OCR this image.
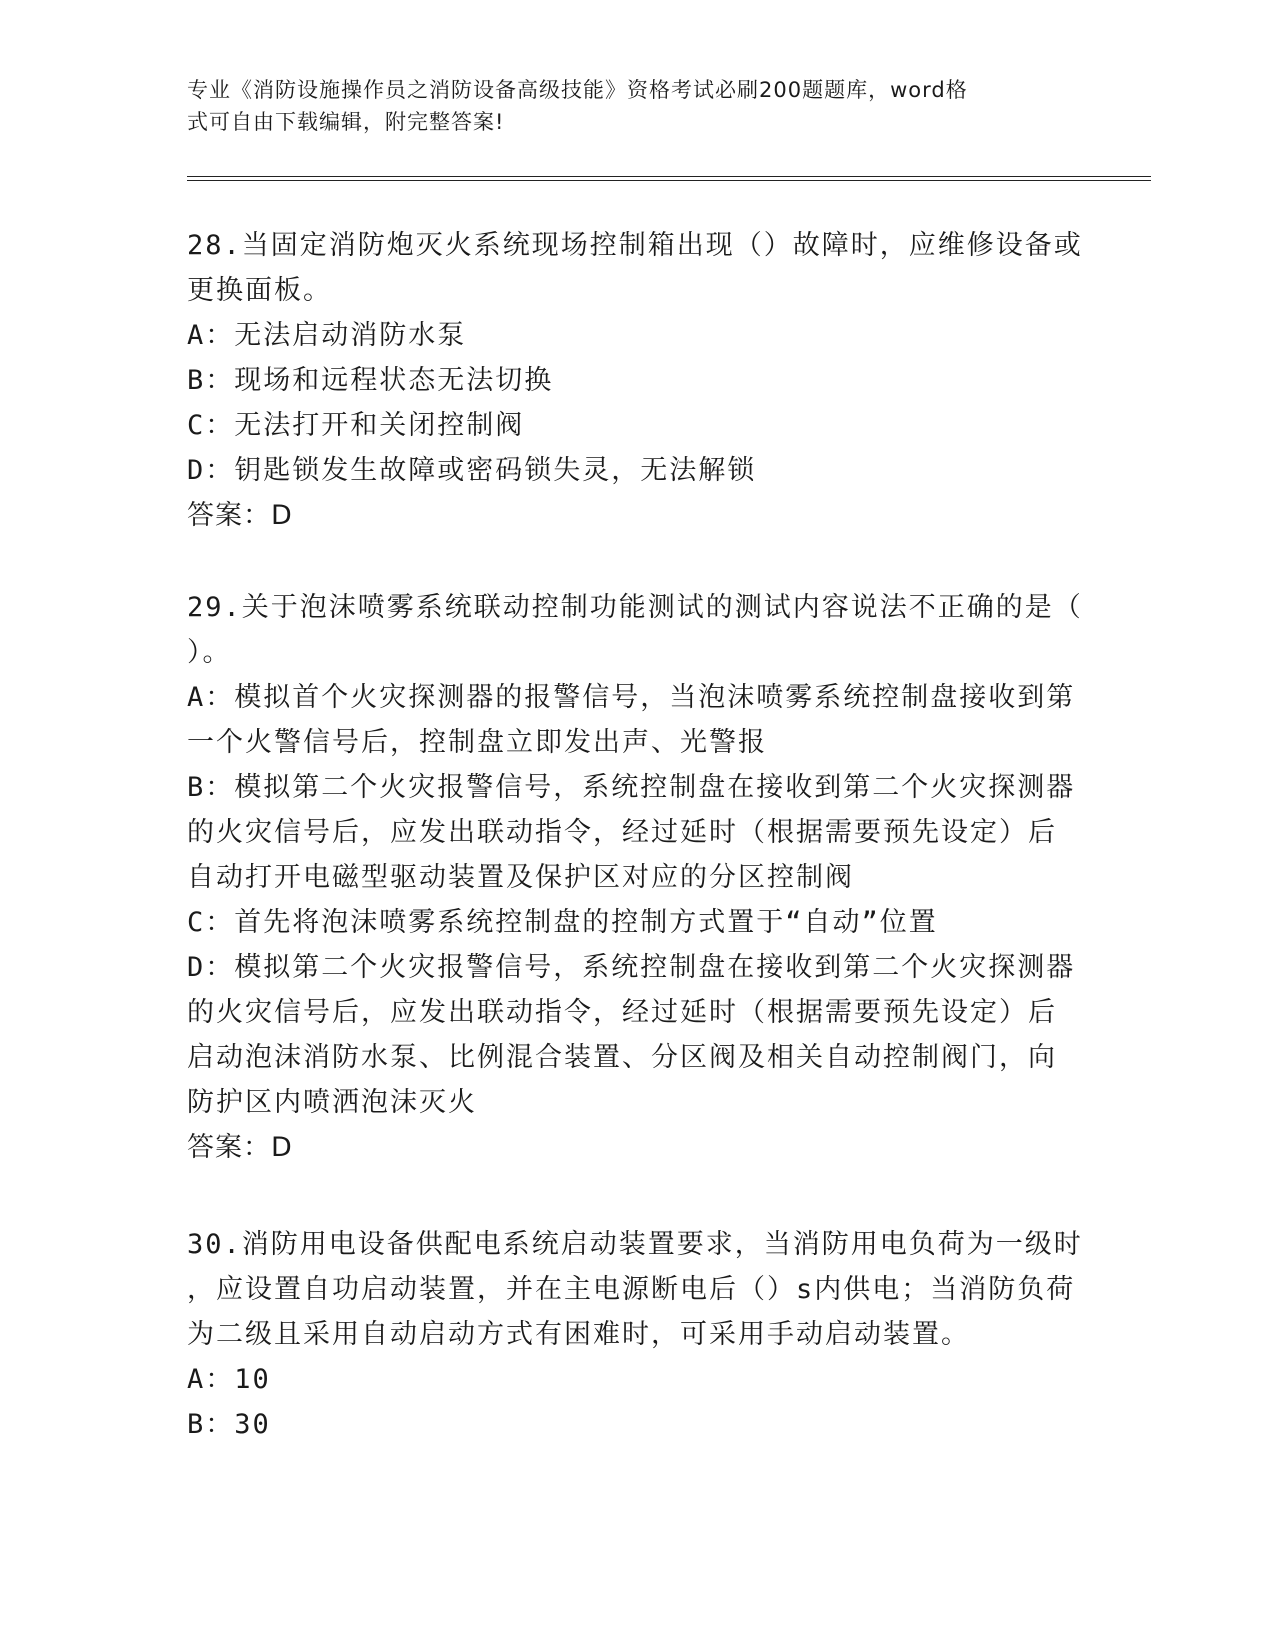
专业《消防设施操作员之消防设备高级技能》资格考试必刷200题题库，word格
式可自由下载编辑，附完整答案!
28.当固定消防炮灭火系统现场控制箱出现（）故障时，应维修设备或
更换面板。
A：无法启动消防水泵
B：现场和远程状态无法切换
C：无法打开和关闭控制阀
D：钥匙锁发生故障或密码锁失灵，无法解锁
答案：D
29.关于泡沫喷雾系统联动控制功能测试的测试内容说法不正确的是（
）。
A：模拟首个火灾探测器的报警信号，当泡沫喷雾系统控制盘接收到第
一个火警信号后，控制盘立即发出声、光警报
B：模拟第二个火灾报警信号，系统控制盘在接收到第二个火灾探测器
的火灾信号后，应发出联动指令，经过延时（根据需要预先设定）后
自动打开电磁型驱动装置及保护区对应的分区控制阀
C：首先将泡沫喷雾系统控制盘的控制方式置于“自动”位置
D：模拟第二个火灾报警信号，系统控制盘在接收到第二个火灾探测器
的火灾信号后，应发出联动指令，经过延时（根据需要预先设定）后
启动泡沫消防水泵、比例混合装置、分区阀及相关自动控制阀门，向
防护区内喷洒泡沫灭火
答案：D
30.消防用电设备供配电系统启动装置要求，当消防用电负荷为一级时
，应设置自功启动装置，并在主电源断电后（）s内供电；当消防负荷
为二级且采用自动启动方式有困难时，可采用手动启动装置。
A：10
B：30
